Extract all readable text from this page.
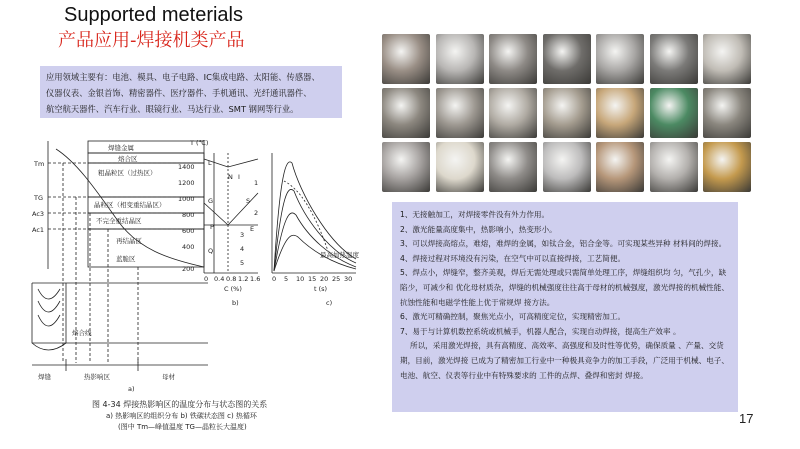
Supported meterials
产品应用-焊接机类产品
应用领域主要有：电池、模具、电子电路、IC集成电路、太阳能、传感器、
仪器仪表、金银首饰、精密器件、医疗器件、手机通讯、光纤通讯器件、
航空航天器件、汽车行业、眼镜行业、马达行业、SMT 钢网等行业。
焊缝金属
熔合区
粗晶粒区（过热区）
晶粒区（相变重结晶区）
不完全重结晶区
再结晶区
蓝脆区
Tm
TG
Ac3
Ac1
T (℃)
1400
1200
1000
800
600
400
200
0 0.4 0.8 1.2 1.6
C (%)
b)
L
N I
G	S
P	E
Q
1
2
3
4
5
0 5 10 15 20 25 30
t (s)
c)
最高加热温度
熔合线
焊缝	热影响区	母材
a)
图 4-34 焊接热影响区的温度分布与状态图的关系
a) 热影响区的组织分布 b) 铁碳状态图 c) 热循环
(图中 Tm—峰值温度 TG—晶粒长大温度)

1、无接触加工，对焊接零件没有外力作用。

2、激光能量高度集中，热影响小，热变形小。

3、可以焊接高熔点，难熔，难焊的金属，如钛合金，铝合金等。可实现某些异种 材料间的焊接。

4、焊接过程对环境没有污染，在空气中可以直接焊接，工艺简便。

5、焊点小，焊缝窄，整齐美观，焊后无需处理或只需简单处理工序，焊缝组织均 匀，气孔少，缺陷少，可减少和 优化母材质杂，焊缝的机械强度往往高于母材的机械强度，激光焊接的机械性能、抗蚀性能和电磁学性能上优于常规焊 接方法。

6、激光可精确控制，聚焦光点小，可高精度定位，实现精密加工。

7、易于与计算机数控系统或机械手，机器人配合，实现自动焊接，提高生产效率 。

所以，采用激光焊接，具有高精度、高效率、高强度和及时性等优势，确保质量 、产量、交货期，目前，激光焊接 已成为了精密加工行业中一种极具竞争力的加工手段，广泛用于机械、电子、电池、航空、仪表等行业中有特殊要求的 工件的点焊、叠焊和密封 焊接。

17
